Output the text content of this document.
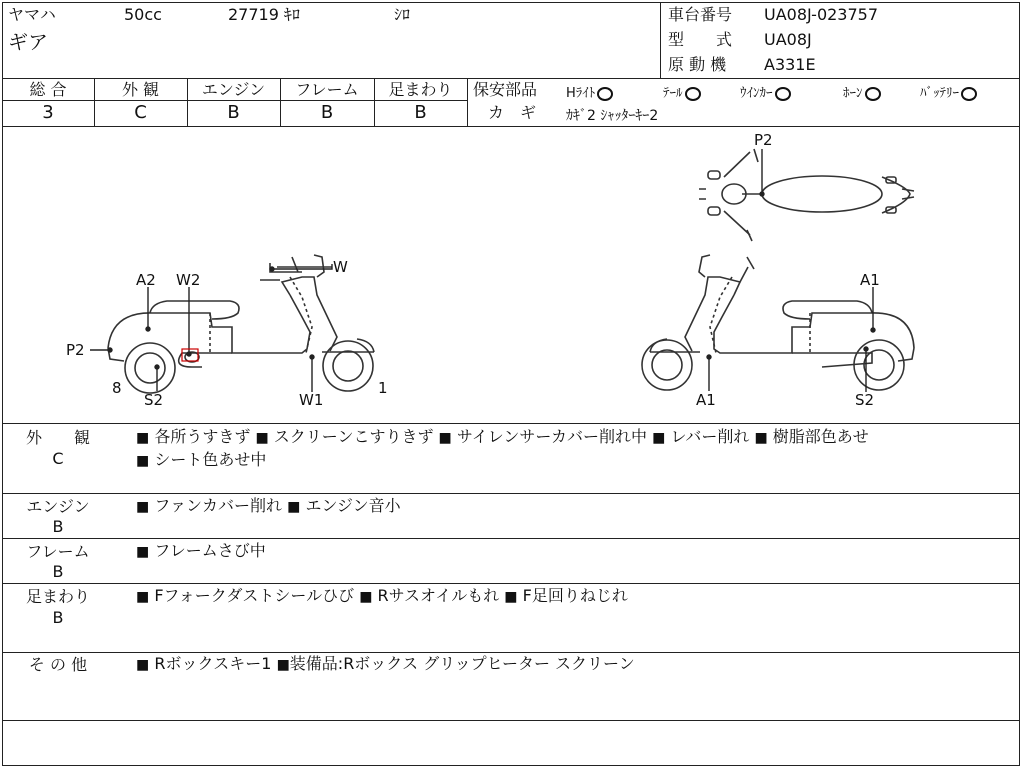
ヤマハ	50cc	27719 ｷﾛ	ｼﾛ
ギア
車台番号 UA08J-023757
型　　式 UA08J
原 動 機 A331E
総 合	外 観	エンジン	フレーム	足まわり
3	C	B	B	B
保安部品 Hﾗｲﾄ	ﾃｰﾙ	ｳｲﾝｶｰ	ﾎｰﾝ	ﾊﾞｯﾃﾘｰ
カ　ギ ｶｷﾞ2 ｼｬｯﾀｰｷｰ2
P2
W
A2 W2
P2
8
S2	W1
1
A1
A1	S2
外　　観
C
■ 各所うすきず ■ スクリーンこすりきず ■ サイレンサーカバー削れ中 ■ レバー削れ ■ 樹脂部色あせ
■ シート色あせ中
エンジン
B
■ ファンカバー削れ ■ エンジン音小
フレーム
B
■ フレームさび中
足まわり
B
■ Fフォークダストシールひび ■ Rサスオイルもれ ■ F足回りねじれ
そ の 他	■ Rボックスキー1 ■装備品:Rボックス グリップヒーター スクリーン
